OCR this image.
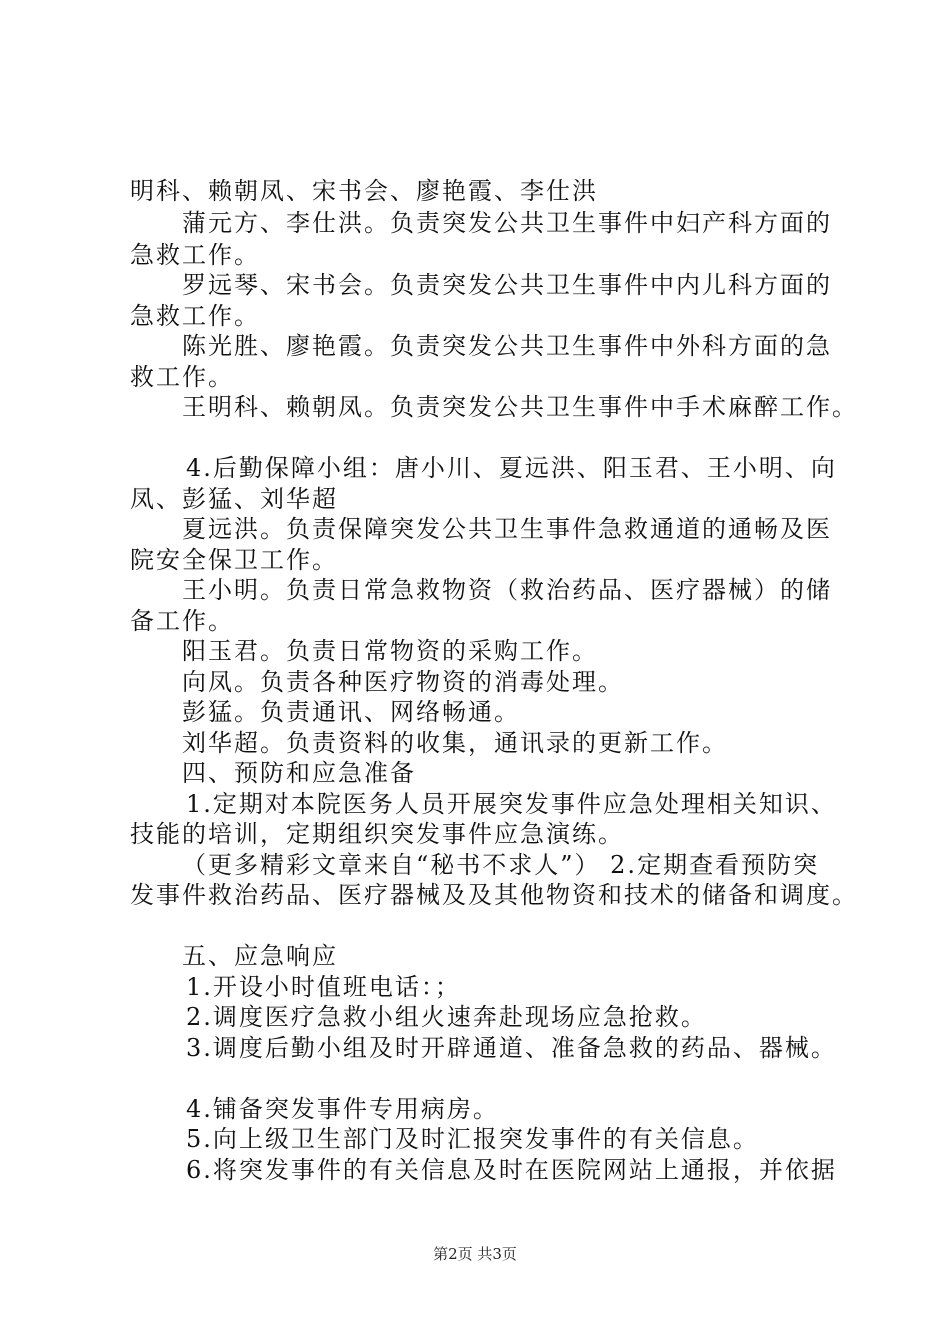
明科、赖朝凤、宋书会、廖艳霞、李仕洪
蒲元方、李仕洪。负责突发公共卫生事件中妇产科方面的
急救工作。
罗远琴、宋书会。负责突发公共卫生事件中内儿科方面的
急救工作。
陈光胜、廖艳霞。负责突发公共卫生事件中外科方面的急
救工作。
王明科、赖朝凤。负责突发公共卫生事件中手术麻醉工作。
4.后勤保障小组：唐小川、夏远洪、阳玉君、王小明、向
凤、彭猛、刘华超
夏远洪。负责保障突发公共卫生事件急救通道的通畅及医
院安全保卫工作。
王小明。负责日常急救物资（救治药品、医疗器械）的储
备工作。
阳玉君。负责日常物资的采购工作。
向凤。负责各种医疗物资的消毒处理。
彭猛。负责通讯、网络畅通。
刘华超。负责资料的收集，通讯录的更新工作。
四、预防和应急准备
1.定期对本院医务人员开展突发事件应急处理相关知识、
技能的培训，定期组织突发事件应急演练。
（更多精彩文章来自“秘书不求人”） 2.定期查看预防突
发事件救治药品、医疗器械及及其他物资和技术的储备和调度。
五、应急响应
1.开设小时值班电话：；
2.调度医疗急救小组火速奔赴现场应急抢救。
3.调度后勤小组及时开辟通道、准备急救的药品、器械。
4.铺备突发事件专用病房。
5.向上级卫生部门及时汇报突发事件的有关信息。
6.将突发事件的有关信息及时在医院网站上通报，并依据
第2页 共3页
